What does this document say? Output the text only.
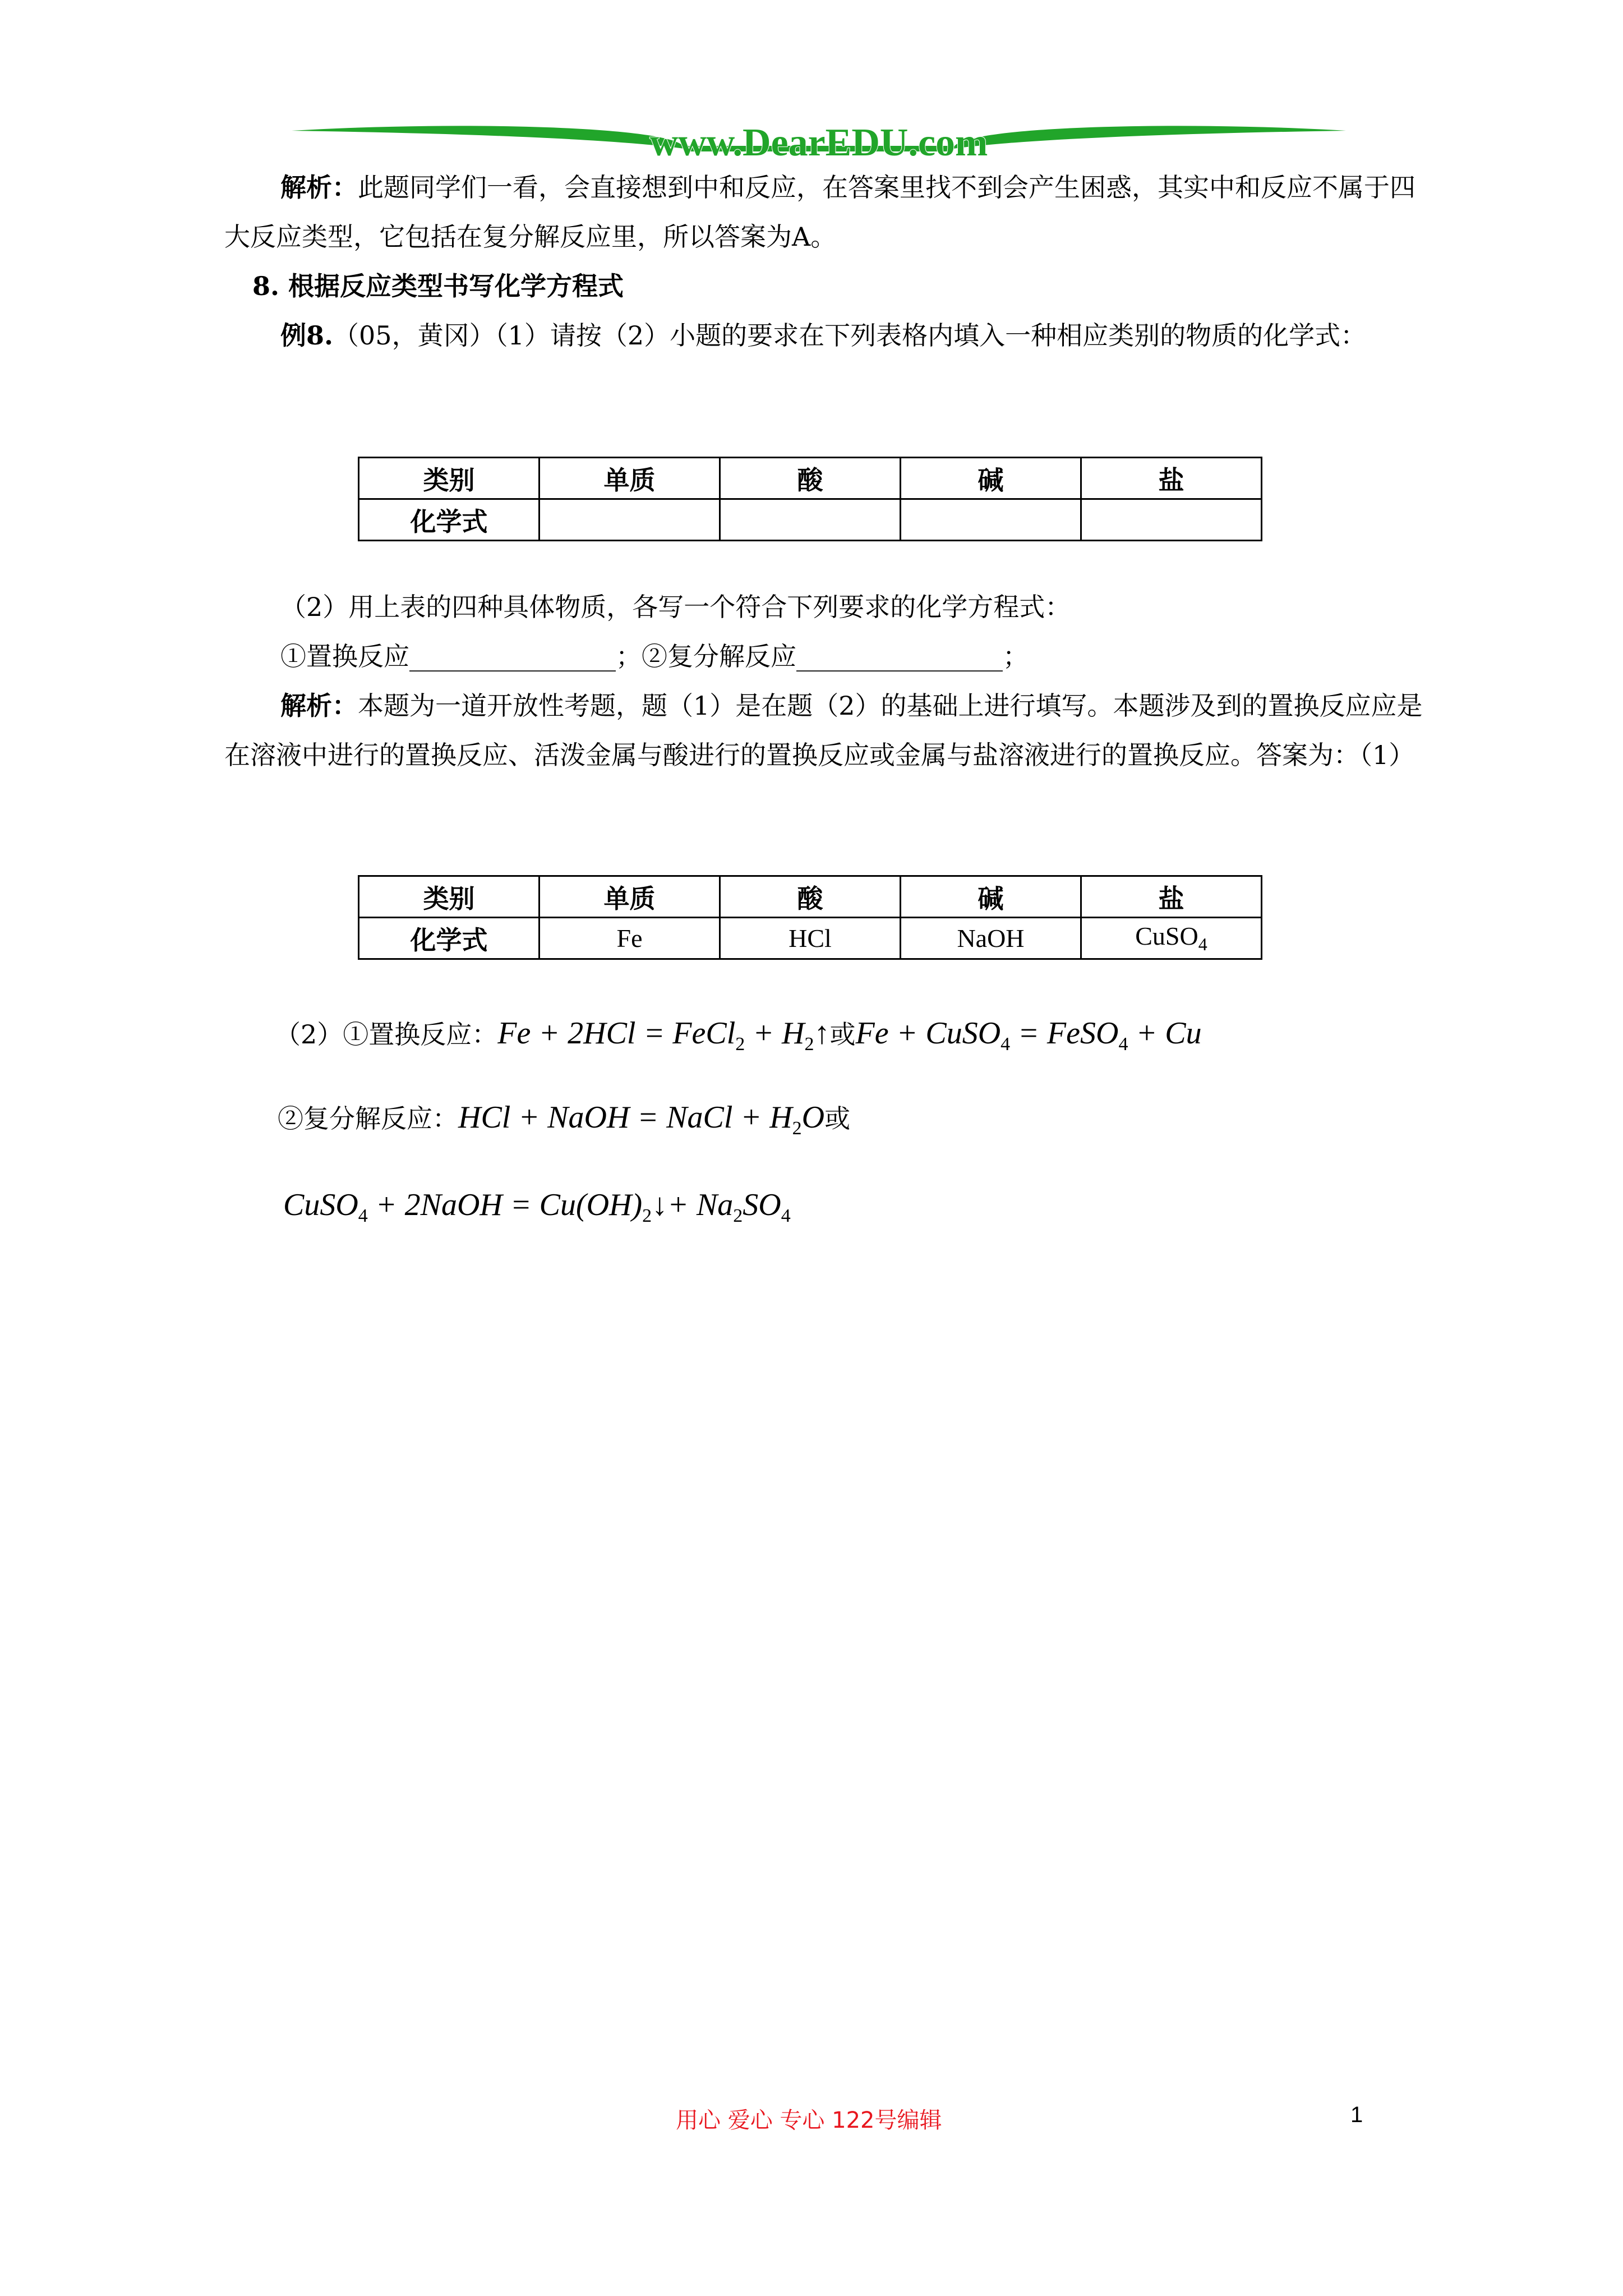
www.DearEDU.com

解析：此题同学们一看，会直接想到中和反应，在答案里找不到会产生困惑，其实中和反应不属于四大反应类型，它包括在复分解反应里，所以答案为A。

8. 根据反应类型书写化学方程式

例8.（05，黄冈）（1）请按（2）小题的要求在下列表格内填入一种相应类别的物质的化学式：

类别	单质	酸	碱	盐
化学式				

（2）用上表的四种具体物质，各写一个符合下列要求的化学方程式：

①置换反应________________；②复分解反应________________；

解析：本题为一道开放性考题，题（1）是在题（2）的基础上进行填写。本题涉及到的置换反应应是在溶液中进行的置换反应、活泼金属与酸进行的置换反应或金属与盐溶液进行的置换反应。答案为：（1）

类别	单质	酸	碱	盐
化学式	Fe	HCl	NaOH	CuSO$_4$
（2）①置换反应：Fe + 2HCl = FeCl$_2$ + $H_2↑$或Fe + CuSO$_4$ = FeSO$_4$ + Cu
②复分解反应：HCl + NaOH = NaCl + $H_2O$或
CuSO$_4$ + 2NaOH = $Cu(OH)_2↓+ Na_2SO_4$
用心 爱心 专心 122号编辑	1
